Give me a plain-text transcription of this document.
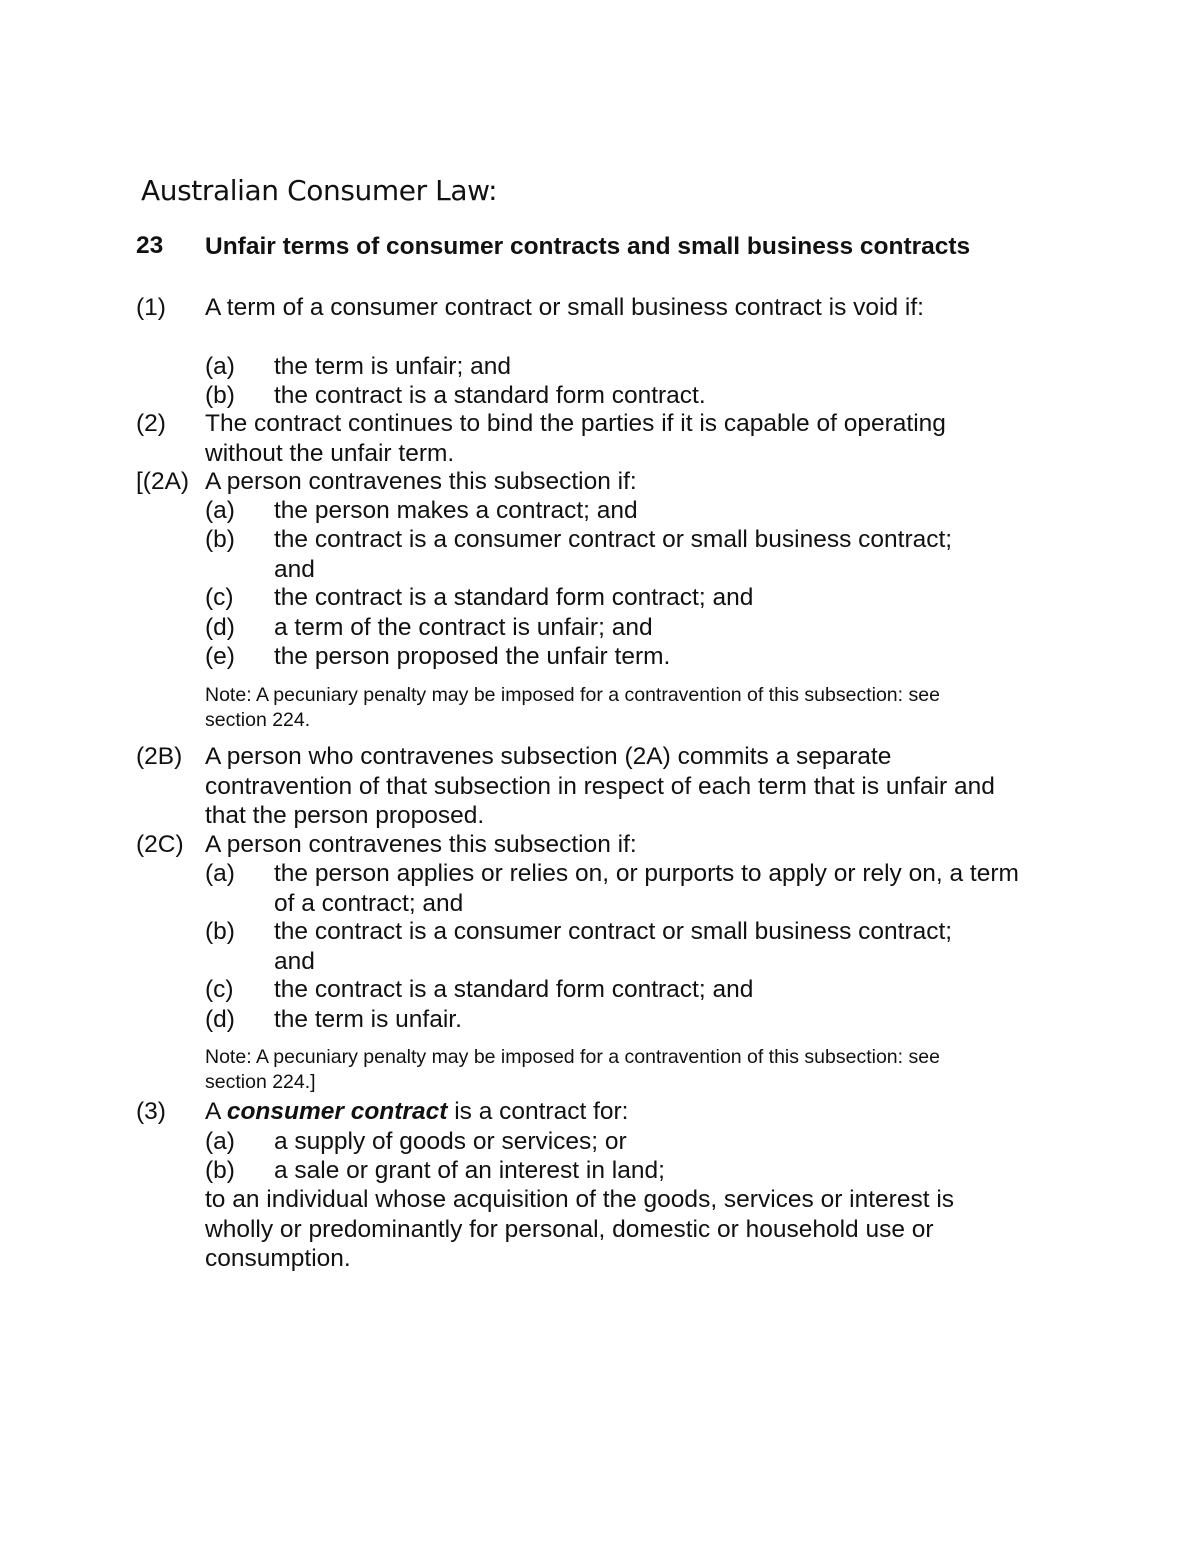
Australian Consumer Law:
23 Unfair terms of consumer contracts and small business contracts
(1) A term of a consumer contract or small business contract is void if:
(a) the term is unfair; and
(b) the contract is a standard form contract.
(2) The contract continues to bind the parties if it is capable of operating without the unfair term.
[(2A) A person contravenes this subsection if:
(a) the person makes a contract; and
(b) the contract is a consumer contract or small business contract; and
(c) the contract is a standard form contract; and
(d) a term of the contract is unfair; and
(e) the person proposed the unfair term.
Note: A pecuniary penalty may be imposed for a contravention of this subsection: see section 224.
(2B) A person who contravenes subsection (2A) commits a separate contravention of that subsection in respect of each term that is unfair and that the person proposed.
(2C) A person contravenes this subsection if:
(a) the person applies or relies on, or purports to apply or rely on, a term of a contract; and
(b) the contract is a consumer contract or small business contract; and
(c) the contract is a standard form contract; and
(d) the term is unfair.
Note: A pecuniary penalty may be imposed for a contravention of this subsection: see section 224.]
(3) A consumer contract is a contract for:
(a) a supply of goods or services; or
(b) a sale or grant of an interest in land;
to an individual whose acquisition of the goods, services or interest is wholly or predominantly for personal, domestic or household use or consumption.
